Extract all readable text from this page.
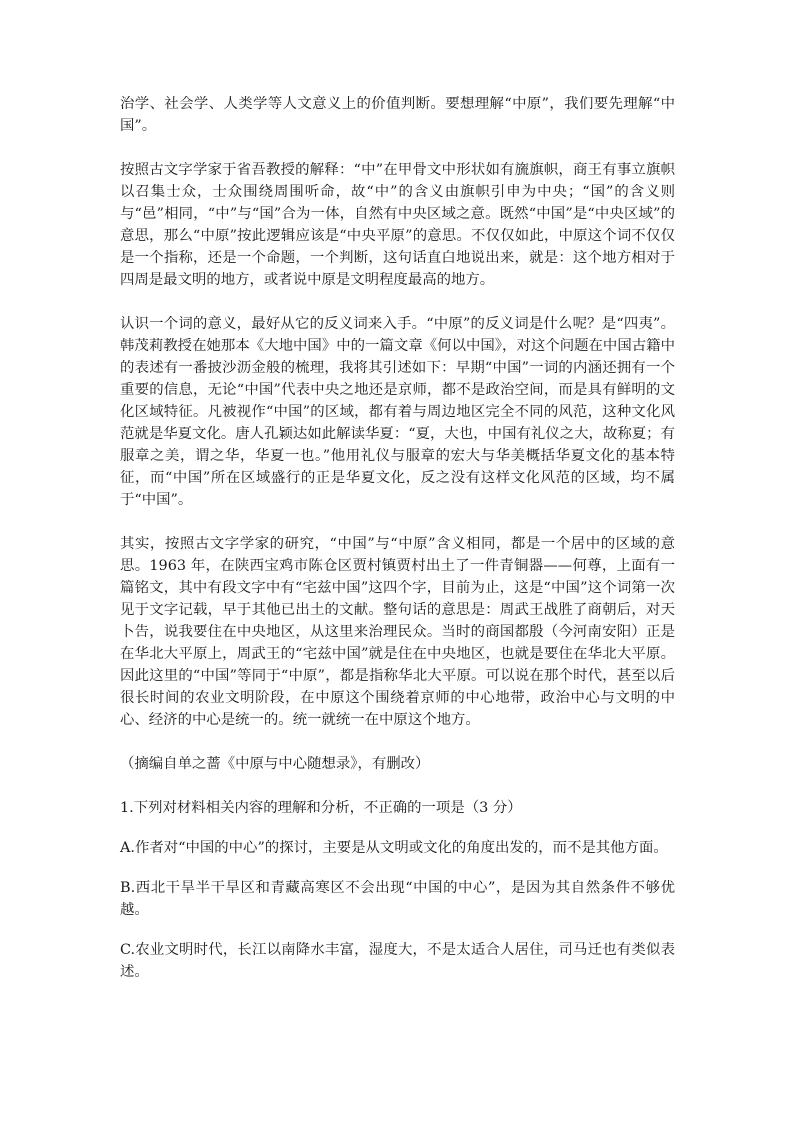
治学、社会学、人类学等人文意义上的价值判断。要想理解“中原”，我们要先理解“中国”。

按照古文字学家于省吾教授的解释：“中”在甲骨文中形状如有旒旗帜，商王有事立旗帜以召集士众，士众围绕周围听命，故“中”的含义由旗帜引申为中央；“国”的含义则与“邑”相同，“中”与“国”合为一体，自然有中央区域之意。既然“中国”是“中央区域”的意思，那么“中原”按此逻辑应该是“中央平原”的意思。不仅仅如此，中原这个词不仅仅是一个指称，还是一个命题，一个判断，这句话直白地说出来，就是：这个地方相对于四周是最文明的地方，或者说中原是文明程度最高的地方。

认识一个词的意义，最好从它的反义词来入手。“中原”的反义词是什么呢？是“四夷”。韩茂莉教授在她那本《大地中国》中的一篇文章《何以中国》，对这个问题在中国古籍中的表述有一番披沙沥金般的梳理，我将其引述如下：早期“中国”一词的内涵还拥有一个重要的信息，无论“中国”代表中央之地还是京师，都不是政治空间，而是具有鲜明的文化区域特征。凡被视作“中国”的区域，都有着与周边地区完全不同的风范，这种文化风范就是华夏文化。唐人孔颖达如此解读华夏：“夏，大也，中国有礼仪之大，故称夏；有服章之美，谓之华，华夏一也。”他用礼仪与服章的宏大与华美概括华夏文化的基本特征，而“中国”所在区域盛行的正是华夏文化，反之没有这样文化风范的区域，均不属于“中国”。

其实，按照古文字学家的研究，“中国”与“中原”含义相同，都是一个居中的区域的意思。1963 年，在陕西宝鸡市陈仓区贾村镇贾村出土了一件青铜器——何尊，上面有一篇铭文，其中有段文字中有“宅兹中国”这四个字，目前为止，这是“中国”这个词第一次见于文字记载，早于其他已出土的文献。整句话的意思是：周武王战胜了商朝后，对天卜告，说我要住在中央地区，从这里来治理民众。当时的商国都殷（今河南安阳）正是在华北大平原上，周武王的“宅兹中国”就是住在中央地区，也就是要住在华北大平原。因此这里的“中国”等同于“中原”，都是指称华北大平原。可以说在那个时代，甚至以后很长时间的农业文明阶段，在中原这个围绕着京师的中心地带，政治中心与文明的中心、经济的中心是统一的。统一就统一在中原这个地方。

（摘编自单之蔷《中原与中心随想录》，有删改）

1.下列对材料相关内容的理解和分析，不正确的一项是（3 分）

A.作者对“中国的中心”的探讨，主要是从文明或文化的角度出发的，而不是其他方面。

B.西北干旱半干旱区和青藏高寒区不会出现“中国的中心”，是因为其自然条件不够优越。

C.农业文明时代，长江以南降水丰富，湿度大，不是太适合人居住，司马迁也有类似表述。
